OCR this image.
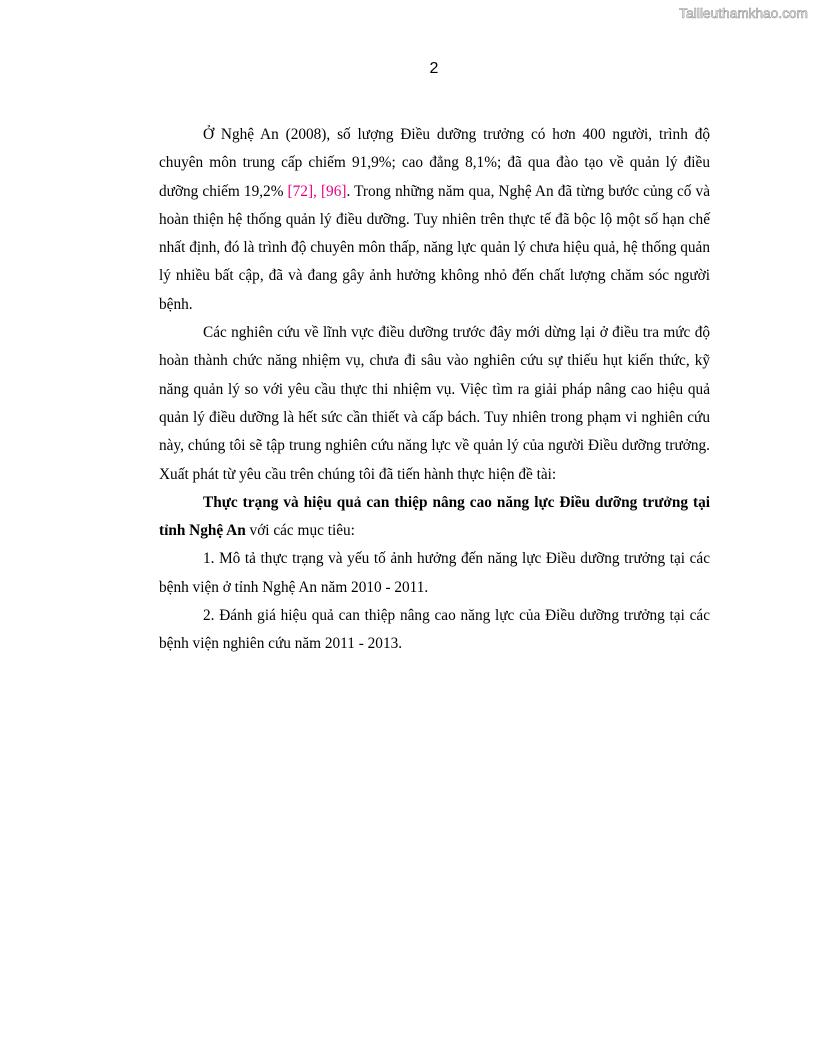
Tailieuthamkhao.com
2

Ở Nghệ An (2008), số lượng Điều dưỡng trưởng có hơn 400 người, trình độ chuyên môn trung cấp chiếm 91,9%; cao đẳng 8,1%; đã qua đào tạo về quản lý điều dưỡng chiếm 19,2% [72], [96]. Trong những năm qua, Nghệ An đã từng bước củng cố và hoàn thiện hệ thống quản lý điều dưỡng. Tuy nhiên trên thực tế đã bộc lộ một số hạn chế nhất định, đó là trình độ chuyên môn thấp, năng lực quản lý chưa hiệu quả, hệ thống quản lý nhiều bất cập, đã và đang gây ảnh hưởng không nhỏ đến chất lượng chăm sóc người bệnh.

Các nghiên cứu về lĩnh vực điều dưỡng trước đây mới dừng lại ở điều tra mức độ hoàn thành chức năng nhiệm vụ, chưa đi sâu vào nghiên cứu sự thiếu hụt kiến thức, kỹ năng quản lý so với yêu cầu thực thi nhiệm vụ. Việc tìm ra giải pháp nâng cao hiệu quả quản lý điều dưỡng là hết sức cần thiết và cấp bách. Tuy nhiên trong phạm vi nghiên cứu này, chúng tôi sẽ tập trung nghiên cứu năng lực về quản lý của người Điều dưỡng trưởng. Xuất phát từ yêu cầu trên chúng tôi đã tiến hành thực hiện đề tài:

Thực trạng và hiệu quả can thiệp nâng cao năng lực Điều dưỡng trưởng tại tỉnh Nghệ An với các mục tiêu:

1. Mô tả thực trạng và yếu tố ảnh hưởng đến năng lực Điều dưỡng trưởng tại các bệnh viện ở tỉnh Nghệ An năm 2010 - 2011.

2. Đánh giá hiệu quả can thiệp nâng cao năng lực của Điều dưỡng trưởng tại các bệnh viện nghiên cứu năm 2011 - 2013.
